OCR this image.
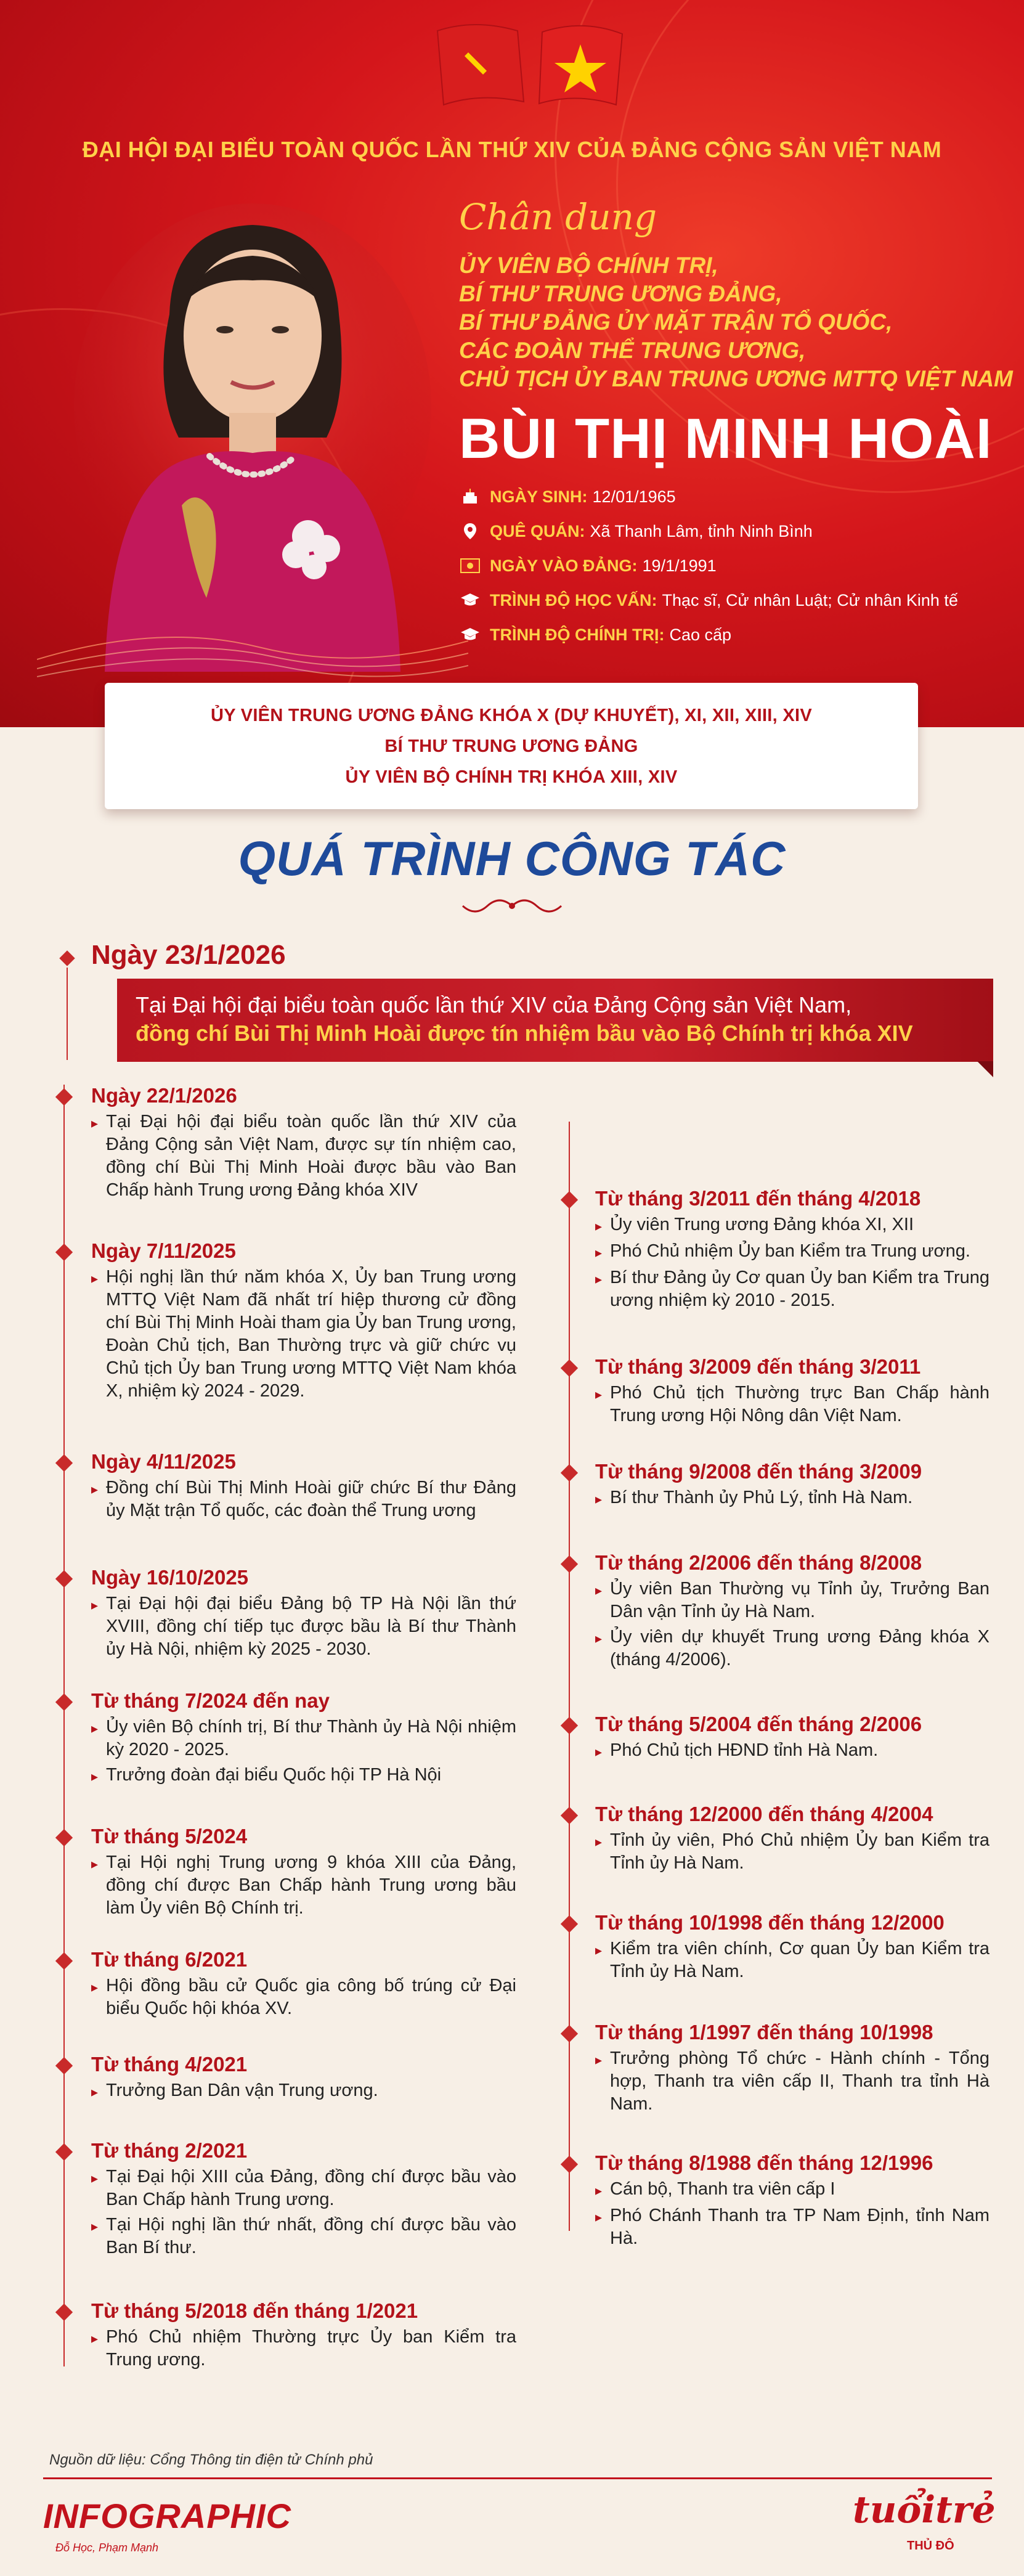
ĐẠI HỘI ĐẠI BIỂU TOÀN QUỐC LẦN THỨ XIV CỦA ĐẢNG CỘNG SẢN VIỆT NAM
Chân dung
ỦY VIÊN BỘ CHÍNH TRỊ,
BÍ THƯ TRUNG ƯƠNG ĐẢNG,
BÍ THƯ ĐẢNG ỦY MẶT TRẬN TỔ QUỐC,
CÁC ĐOÀN THỂ TRUNG ƯƠNG,
CHỦ TỊCH ỦY BAN TRUNG ƯƠNG MTTQ VIỆT NAM
BÙI THỊ MINH HOÀI
NGÀY SINH: 12/01/1965
QUÊ QUÁN: Xã Thanh Lâm, tỉnh Ninh Bình
NGÀY VÀO ĐẢNG: 19/1/1991
TRÌNH ĐỘ HỌC VẤN: Thạc sĩ, Cử nhân Luật; Cử nhân Kinh tế
TRÌNH ĐỘ CHÍNH TRỊ: Cao cấp
ỦY VIÊN TRUNG ƯƠNG ĐẢNG KHÓA X (DỰ KHUYẾT), XI, XII, XIII, XIV
BÍ THƯ TRUNG ƯƠNG ĐẢNG
ỦY VIÊN BỘ CHÍNH TRỊ KHÓA XIII, XIV
QUÁ TRÌNH CÔNG TÁC
Ngày 23/1/2026
Tại Đại hội đại biểu toàn quốc lần thứ XIV của Đảng Cộng sản Việt Nam,
đồng chí Bùi Thị Minh Hoài được tín nhiệm bầu vào Bộ Chính trị khóa XIV
Ngày 22/1/2026
▸ Tại Đại hội đại biểu toàn quốc lần thứ XIV của Đảng Cộng sản Việt Nam, được sự tín nhiệm cao, đồng chí Bùi Thị Minh Hoài được bầu vào Ban Chấp hành Trung ương Đảng khóa XIV
Ngày 7/11/2025
▸ Hội nghị lần thứ năm khóa X, Ủy ban Trung ương MTTQ Việt Nam đã nhất trí hiệp thương cử đồng chí Bùi Thị Minh Hoài tham gia Ủy ban Trung ương, Đoàn Chủ tịch, Ban Thường trực và giữ chức vụ Chủ tịch Ủy ban Trung ương MTTQ Việt Nam khóa X, nhiệm kỳ 2024 - 2029.
Ngày 4/11/2025
▸ Đồng chí Bùi Thị Minh Hoài giữ chức Bí thư Đảng ủy Mặt trận Tổ quốc, các đoàn thể Trung ương
Ngày 16/10/2025
▸ Tại Đại hội đại biểu Đảng bộ TP Hà Nội lần thứ XVIII, đồng chí tiếp tục được bầu là Bí thư Thành ủy Hà Nội, nhiệm kỳ 2025 - 2030.
Từ tháng 7/2024 đến nay
▸ Ủy viên Bộ chính trị, Bí thư Thành ủy Hà Nội nhiệm kỳ 2020 - 2025.
▸ Trưởng đoàn đại biểu Quốc hội TP Hà Nội
Từ tháng 5/2024
▸ Tại Hội nghị Trung ương 9 khóa XIII của Đảng, đồng chí được Ban Chấp hành Trung ương bầu làm Ủy viên Bộ Chính trị.
Từ tháng 6/2021
▸ Hội đồng bầu cử Quốc gia công bố trúng cử Đại biểu Quốc hội khóa XV.
Từ tháng 4/2021
▸ Trưởng Ban Dân vận Trung ương.
Từ tháng 2/2021
▸ Tại Đại hội XIII của Đảng, đồng chí được bầu vào Ban Chấp hành Trung ương.
▸ Tại Hội nghị lần thứ nhất, đồng chí được bầu vào Ban Bí thư.
Từ tháng 5/2018 đến tháng 1/2021
▸ Phó Chủ nhiệm Thường trực Ủy ban Kiểm tra Trung ương.
Từ tháng 3/2011 đến tháng 4/2018
▸ Ủy viên Trung ương Đảng khóa XI, XII
▸ Phó Chủ nhiệm Ủy ban Kiểm tra Trung ương.
▸ Bí thư Đảng ủy Cơ quan Ủy ban Kiểm tra Trung ương nhiệm kỳ 2010 - 2015.
Từ tháng 3/2009 đến tháng 3/2011
▸ Phó Chủ tịch Thường trực Ban Chấp hành Trung ương Hội Nông dân Việt Nam.
Từ tháng 9/2008 đến tháng 3/2009
▸ Bí thư Thành ủy Phủ Lý, tỉnh Hà Nam.
Từ tháng 2/2006 đến tháng 8/2008
▸ Ủy viên Ban Thường vụ Tỉnh ủy, Trưởng Ban Dân vận Tỉnh ủy Hà Nam.
▸ Ủy viên dự khuyết Trung ương Đảng khóa X (tháng 4/2006).
Từ tháng 5/2004 đến tháng 2/2006
▸ Phó Chủ tịch HĐND tỉnh Hà Nam.
Từ tháng 12/2000 đến tháng 4/2004
▸ Tỉnh ủy viên, Phó Chủ nhiệm Ủy ban Kiểm tra Tỉnh ủy Hà Nam.
Từ tháng 10/1998 đến tháng 12/2000
▸ Kiểm tra viên chính, Cơ quan Ủy ban Kiểm tra Tỉnh ủy Hà Nam.
Từ tháng 1/1997 đến tháng 10/1998
▸ Trưởng phòng Tổ chức - Hành chính - Tổng hợp, Thanh tra viên cấp II, Thanh tra tỉnh Hà Nam.
Từ tháng 8/1988 đến tháng 12/1996
▸ Cán bộ, Thanh tra viên cấp I
▸ Phó Chánh Thanh tra TP Nam Định, tỉnh Nam Hà.
Nguồn dữ liệu: Cổng Thông tin điện tử Chính phủ
INFOGRAPHIC
Đỗ Học, Phạm Mạnh
tuổitrẻ
THỦ ĐÔ
